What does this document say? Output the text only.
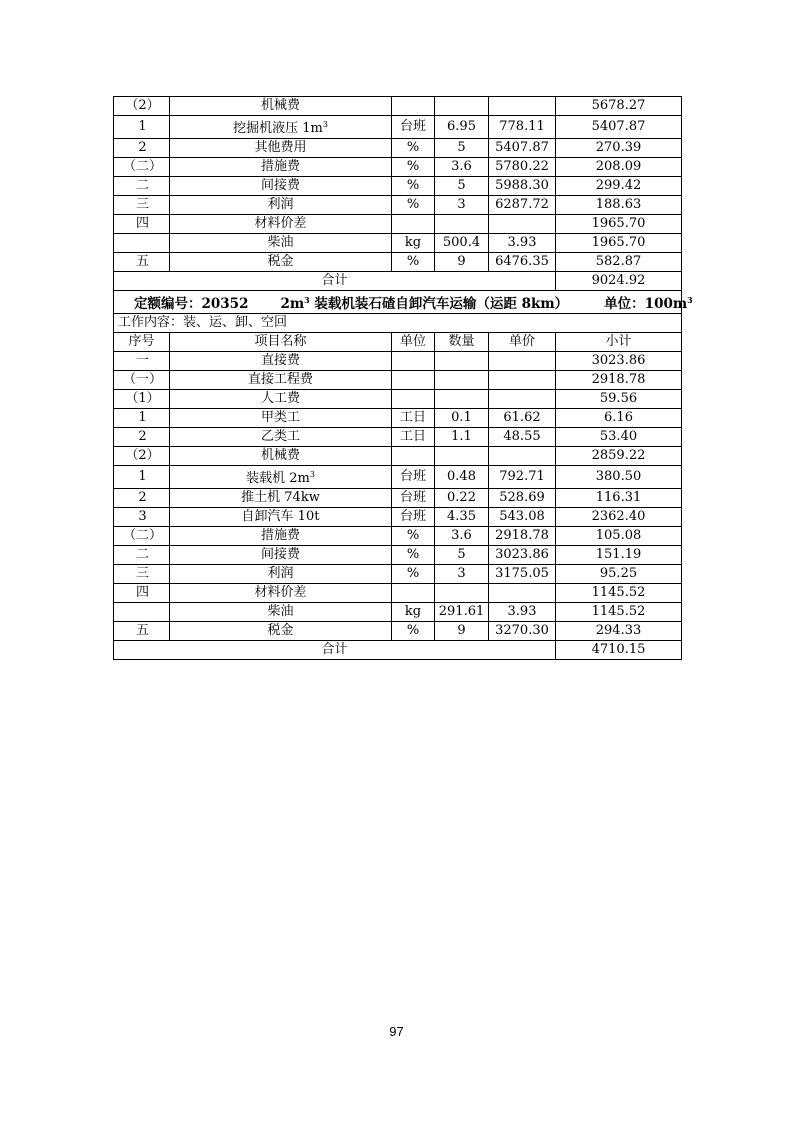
（2）	机械费				5678.27
1	挖掘机液压 $1m^3$	台班	6.95	778.11	5407.87
2	其他费用	%	5	5407.87	270.39
（二）	措施费	%	3.6	5780.22	208.09
二	间接费	%	5	5988.30	299.42
三	利润	%	3	6287.72	188.63
四	材料价差				1965.70
	柴油	kg	500.4	3.93	1965.70
五	税金	%	9	6476.35	582.87
合计					9024.92
定额编号：20352 $2m^3$ 装载机装石碴自卸汽车运输（运距 8km） 单位：$100m^3$
工作内容：装、运、卸、空回					
序号	项目名称	单位	数量	单价	小计
一	直接费				3023.86
（一）	直接工程费				2918.78
（1）	人工费				59.56
1	甲类工	工日	0.1	61.62	6.16
2	乙类工	工日	1.1	48.55	53.40
（2）	机械费				2859.22
1	装载机 $2m^3$	台班	0.48	792.71	380.50
2	推土机 74kw	台班	0.22	528.69	116.31
3	自卸汽车 10t	台班	4.35	543.08	2362.40
（二）	措施费	%	3.6	2918.78	105.08
二	间接费	%	5	3023.86	151.19
三	利润	%	3	3175.05	95.25
四	材料价差				1145.52
	柴油	kg	291.61	3.93	1145.52
五	税金	%	9	3270.30	294.33
合计					4710.15
97
